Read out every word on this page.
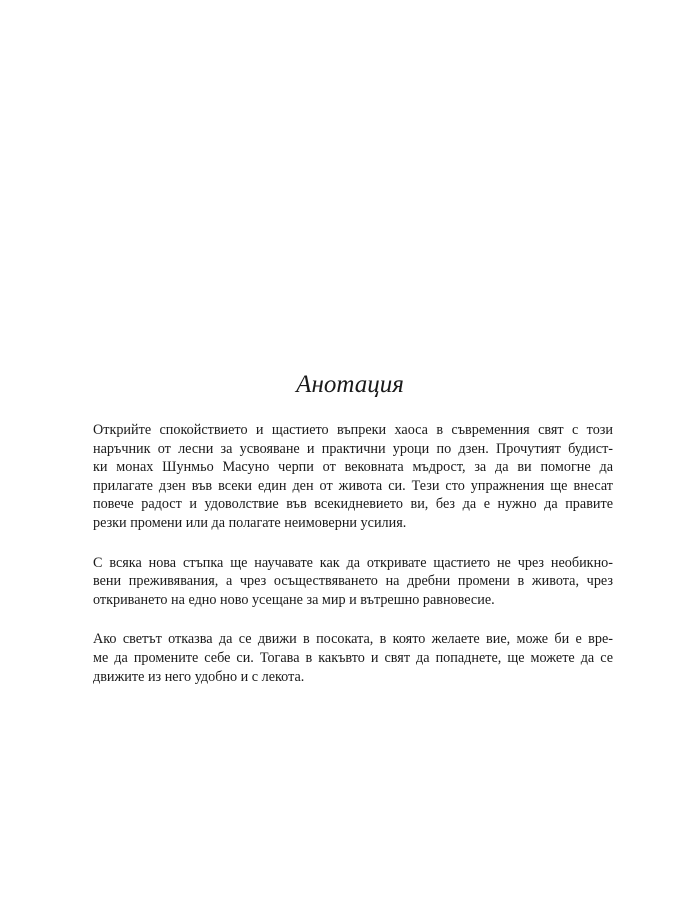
Анотация

Открийте спокойствието и щастието въпреки хаоса в съвременния свят с този
наръчник от лесни за усвояване и практични уроци по дзен. Прочутият будист-
ки монах Шунмьо Масуно черпи от вековната мъдрост, за да ви помогне да
прилагате дзен във всеки един ден от живота си. Тези сто упражнения ще внесат
повече радост и удоволствие във всекидневието ви, без да е нужно да правите
резки промени или да полагате неимоверни усилия.

С всяка нова стъпка ще научавате как да откривате щастието не чрез необикно-
вени преживявания, а чрез осъществяването на дребни промени в живота, чрез
откриването на едно ново усещане за мир и вътрешно равновесие.

Ако светът отказва да се движи в посоката, в която желаете вие, може би е вре-
ме да промените себе си. Тогава в какъвто и свят да попаднете, ще можете да се
движите из него удобно и с лекота.
